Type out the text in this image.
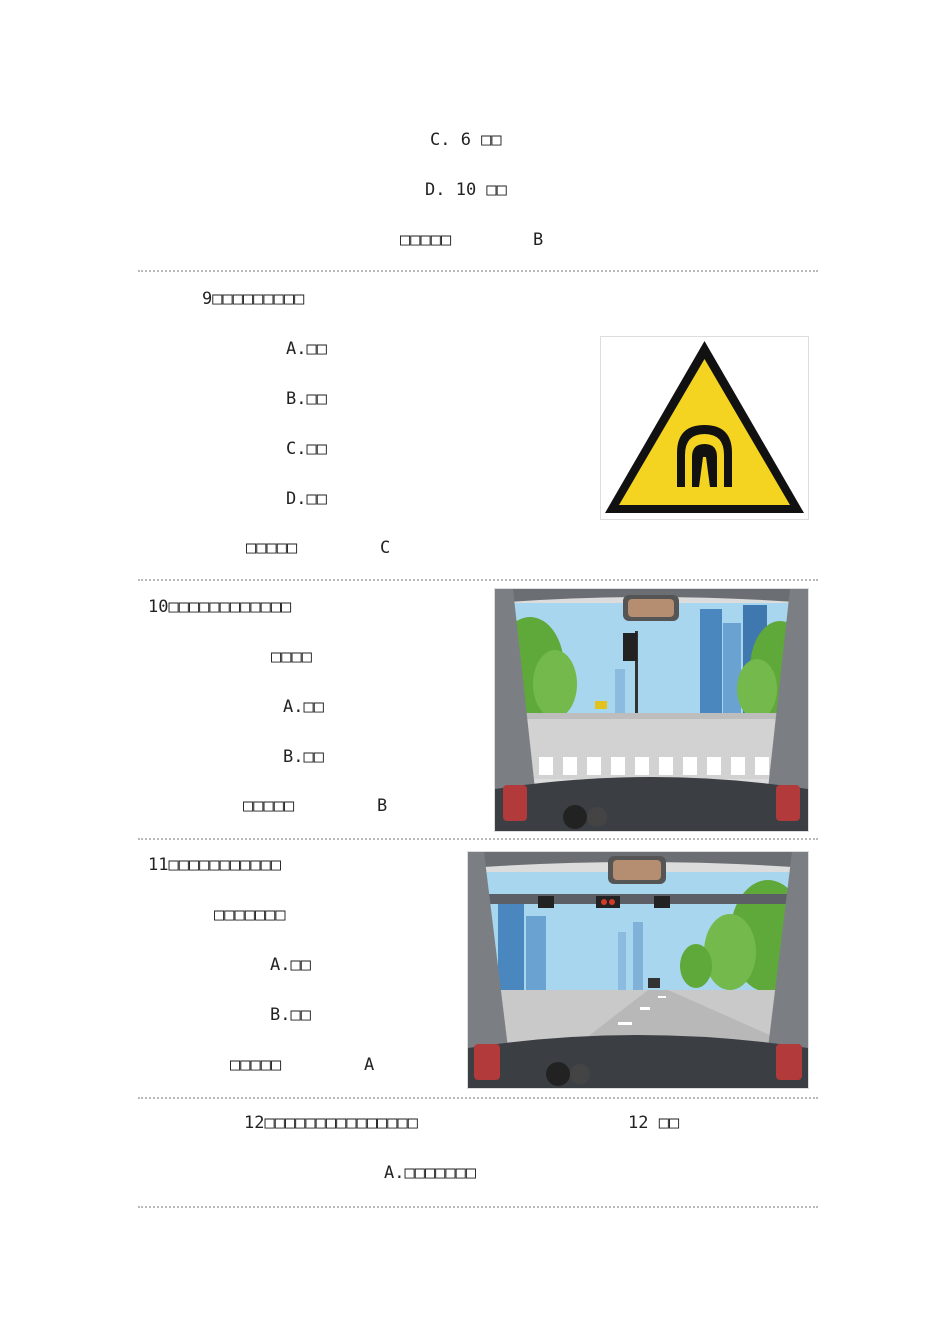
C. 6 □□
D. 10 □□
□□□□□	B
9□□□□□□□□□
A.□□
B.□□
C.□□
D.□□
□□□□□	C
10□□□□□□□□□□□□
□□□□
A.□□
B.□□
□□□□□	B
11□□□□□□□□□□□
□□□□□□□
A.□□
B.□□
□□□□□	A
12□□□□□□□□□□□□□□□	12 □□
A.□□□□□□□
